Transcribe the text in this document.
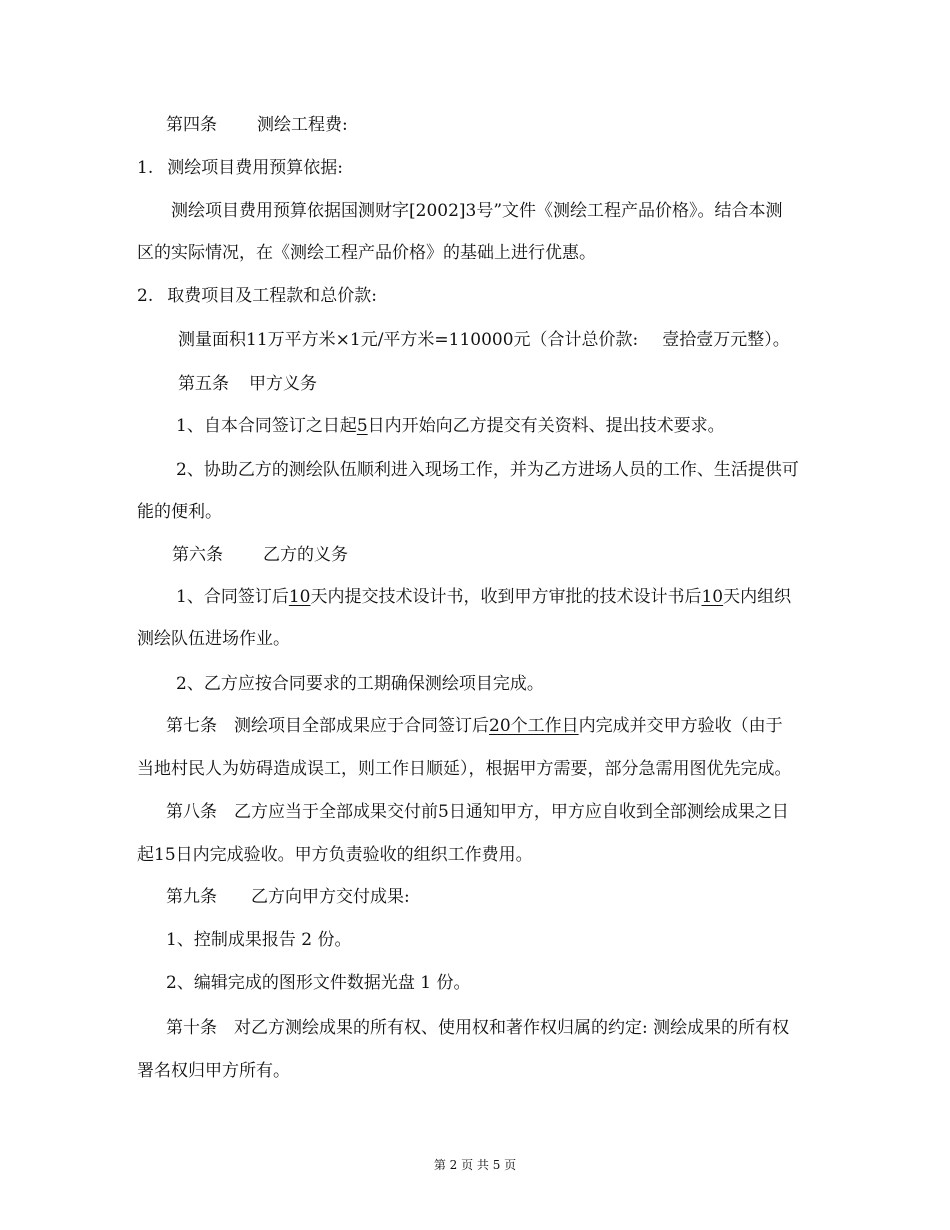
第四条 测绘工程费:
1. 测绘项目费用预算依据:
测绘项目费用预算依据国测财字[2002]3号”文件《测绘工程产品价格》。结合本测
区的实际情况，在《测绘工程产品价格》的基础上进行优惠。
2. 取费项目及工程款和总价款:
测量面积11万平方米×1元/平方米=110000元（合计总价款: 壹拾壹万元整）。
第五条 甲方义务
1、自本合同签订之日起5日内开始向乙方提交有关资料、提出技术要求。
2、协助乙方的测绘队伍顺利进入现场工作，并为乙方进场人员的工作、生活提供可
能的便利。
第六条 乙方的义务
1、合同签订后10天内提交技术设计书，收到甲方审批的技术设计书后10天内组织
测绘队伍进场作业。
2、乙方应按合同要求的工期确保测绘项目完成。
第七条　测绘项目全部成果应于合同签订后20个工作日内完成并交甲方验收（由于
当地村民人为妨碍造成误工，则工作日顺延），根据甲方需要，部分急需用图优先完成。
第八条　乙方应当于全部成果交付前5日通知甲方，甲方应自收到全部测绘成果之日
起15日内完成验收。甲方负责验收的组织工作费用。
第九条 乙方向甲方交付成果:
1、控制成果报告 2 份。
2、编辑完成的图形文件数据光盘 1 份。
第十条　对乙方测绘成果的所有权、使用权和著作权归属的约定: 测绘成果的所有权
署名权归甲方所有。
第 2 页 共 5 页
